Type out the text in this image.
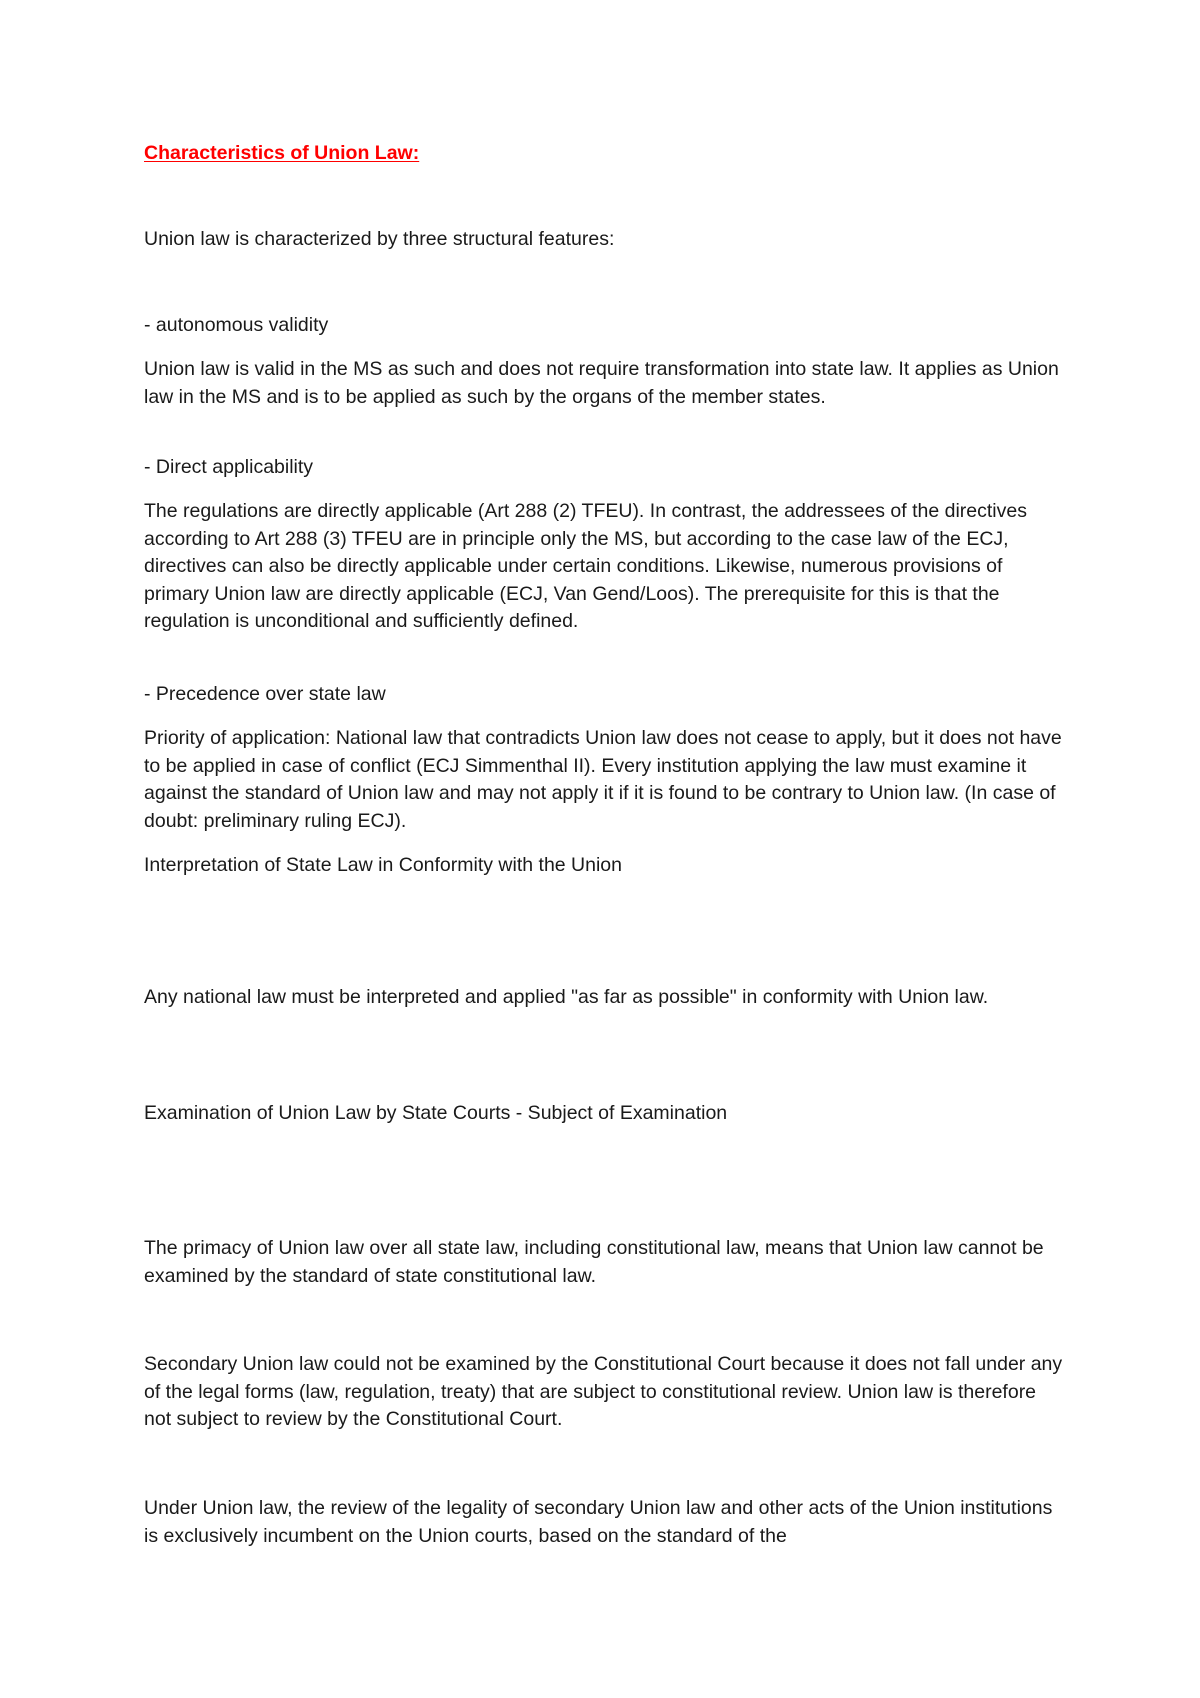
Characteristics of Union Law:

Union law is characterized by three structural features:

- autonomous validity

Union law is valid in the MS as such and does not require transformation into state law. It applies as Union law in the MS and is to be applied as such by the organs of the member states.

- Direct applicability

The regulations are directly applicable (Art 288 (2) TFEU). In contrast, the addressees of the directives according to Art 288 (3) TFEU are in principle only the MS, but according to the case law of the ECJ, directives can also be directly applicable under certain conditions. Likewise, numerous provisions of primary Union law are directly applicable (ECJ, Van Gend/Loos). The prerequisite for this is that the regulation is unconditional and sufficiently defined.

- Precedence over state law

Priority of application: National law that contradicts Union law does not cease to apply, but it does not have to be applied in case of conflict (ECJ Simmenthal II). Every institution applying the law must examine it against the standard of Union law and may not apply it if it is found to be contrary to Union law. (In case of doubt: preliminary ruling ECJ).

Interpretation of State Law in Conformity with the Union

Any national law must be interpreted and applied "as far as possible" in conformity with Union law.

Examination of Union Law by State Courts - Subject of Examination

The primacy of Union law over all state law, including constitutional law, means that Union law cannot be examined by the standard of state constitutional law.

Secondary Union law could not be examined by the Constitutional Court because it does not fall under any of the legal forms (law, regulation, treaty) that are subject to constitutional review. Union law is therefore not subject to review by the Constitutional Court.

Under Union law, the review of the legality of secondary Union law and other acts of the Union institutions is exclusively incumbent on the Union courts, based on the standard of the
